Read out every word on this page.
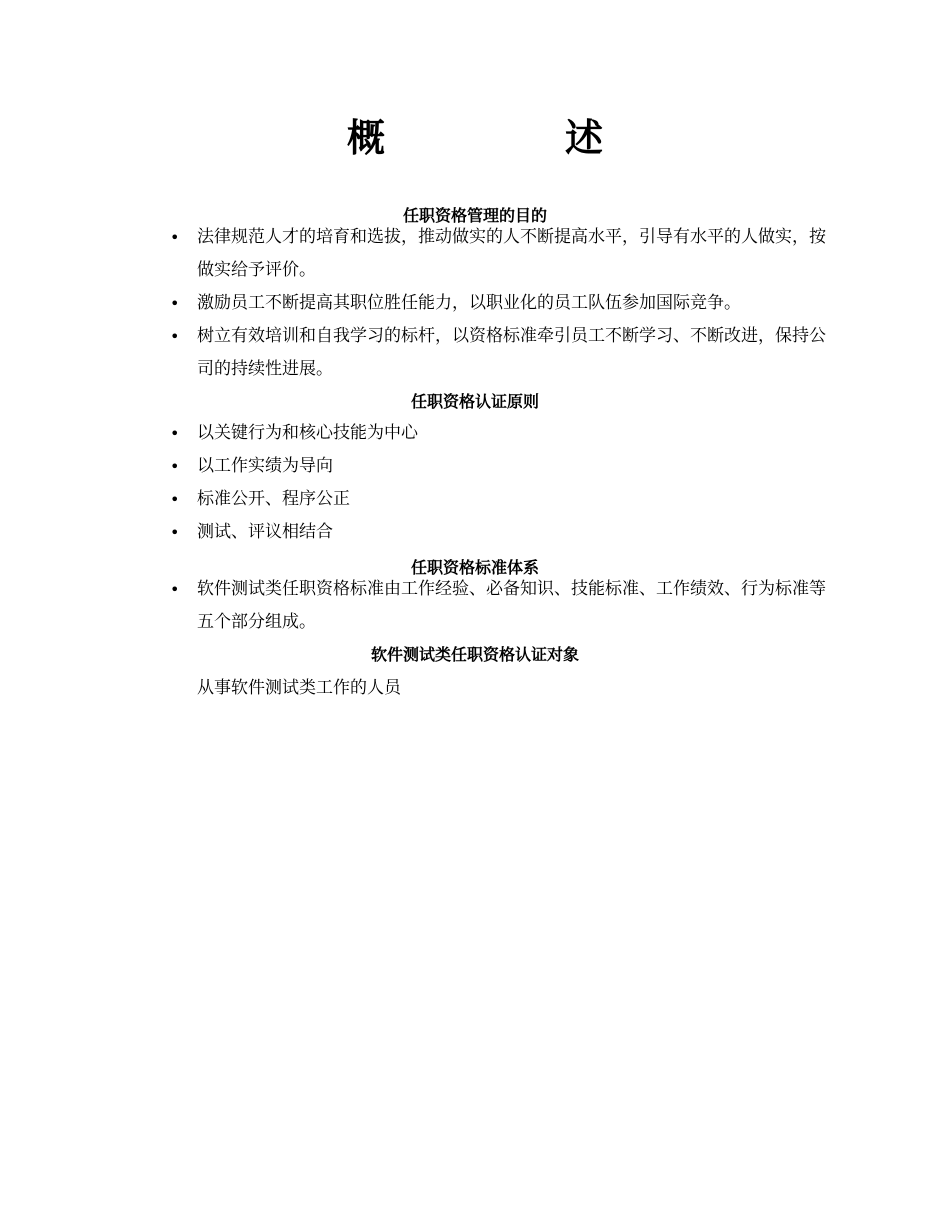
概	述
任职资格管理的目的
• 法律规范人才的培育和选拔，推动做实的人不断提高水平，引导有水平的人做实，按做实给予评价。
• 激励员工不断提高其职位胜任能力，以职业化的员工队伍参加国际竞争。
• 树立有效培训和自我学习的标杆，以资格标准牵引员工不断学习、不断改进，保持公司的持续性进展。
任职资格认证原则
• 以关键行为和核心技能为中心
• 以工作实绩为导向
• 标准公开、程序公正
• 测试、评议相结合
任职资格标准体系
• 软件测试类任职资格标准由工作经验、必备知识、技能标准、工作绩效、行为标准等五个部分组成。
软件测试类任职资格认证对象
从事软件测试类工作的人员
